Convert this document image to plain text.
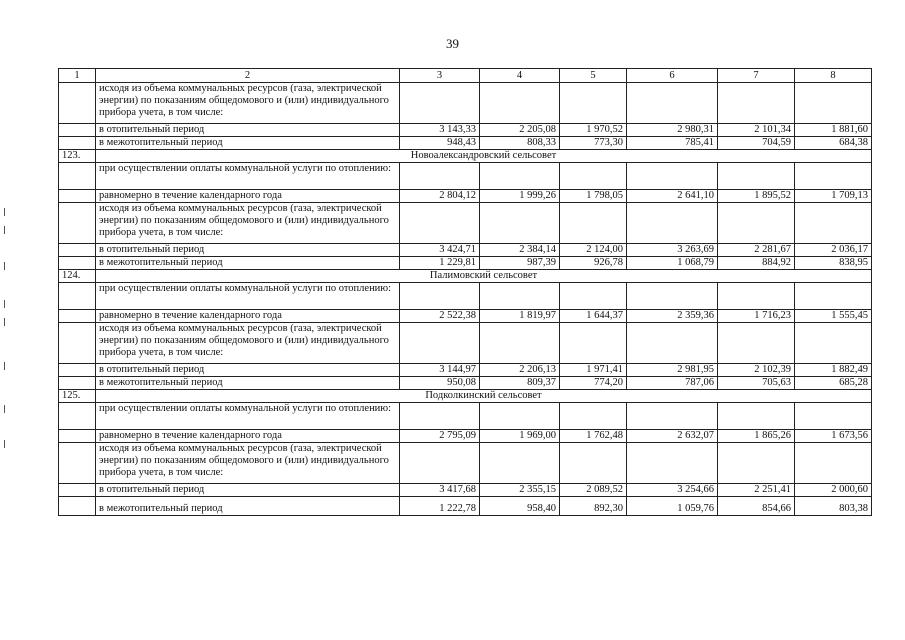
39
1	2	3	4	5	6	7	8
	исходя из объема коммунальных ресурсов (газа, электрической энергии) по показаниям общедомового и (или) индивидуального прибора учета, в том числе:						
	в отопительный период	3 143,33	2 205,08	1 970,52	2 980,31	2 101,34	1 881,60
	в межотопительный период	948,43	808,33	773,30	785,41	704,59	684,38
123.	Новоалександровский сельсовет						
	при осуществлении оплаты коммунальной услуги по отоплению:						
	равномерно в течение календарного года	2 804,12	1 999,26	1 798,05	2 641,10	1 895,52	1 709,13
	исходя из объема коммунальных ресурсов (газа, электрической энергии) по показаниям общедомового и (или) индивидуального прибора учета, в том числе:						
	в отопительный период	3 424,71	2 384,14	2 124,00	3 263,69	2 281,67	2 036,17
	в межотопительный период	1 229,81	987,39	926,78	1 068,79	884,92	838,95
124.	Палимовский сельсовет						
	при осуществлении оплаты коммунальной услуги по отоплению:						
	равномерно в течение календарного года	2 522,38	1 819,97	1 644,37	2 359,36	1 716,23	1 555,45
	исходя из объема коммунальных ресурсов (газа, электрической энергии) по показаниям общедомового и (или) индивидуального прибора учета, в том числе:						
	в отопительный период	3 144,97	2 206,13	1 971,41	2 981,95	2 102,39	1 882,49
	в межотопительный период	950,08	809,37	774,20	787,06	705,63	685,28
125.	Подколкинский сельсовет						
	при осуществлении оплаты коммунальной услуги по отоплению:						
	равномерно в течение календарного года	2 795,09	1 969,00	1 762,48	2 632,07	1 865,26	1 673,56
	исходя из объема коммунальных ресурсов (газа, электрической энергии) по показаниям общедомового и (или) индивидуального прибора учета, в том числе:						
	в отопительный период	3 417,68	2 355,15	2 089,52	3 254,66	2 251,41	2 000,60
	в межотопительный период	1 222,78	958,40	892,30	1 059,76	854,66	803,38
